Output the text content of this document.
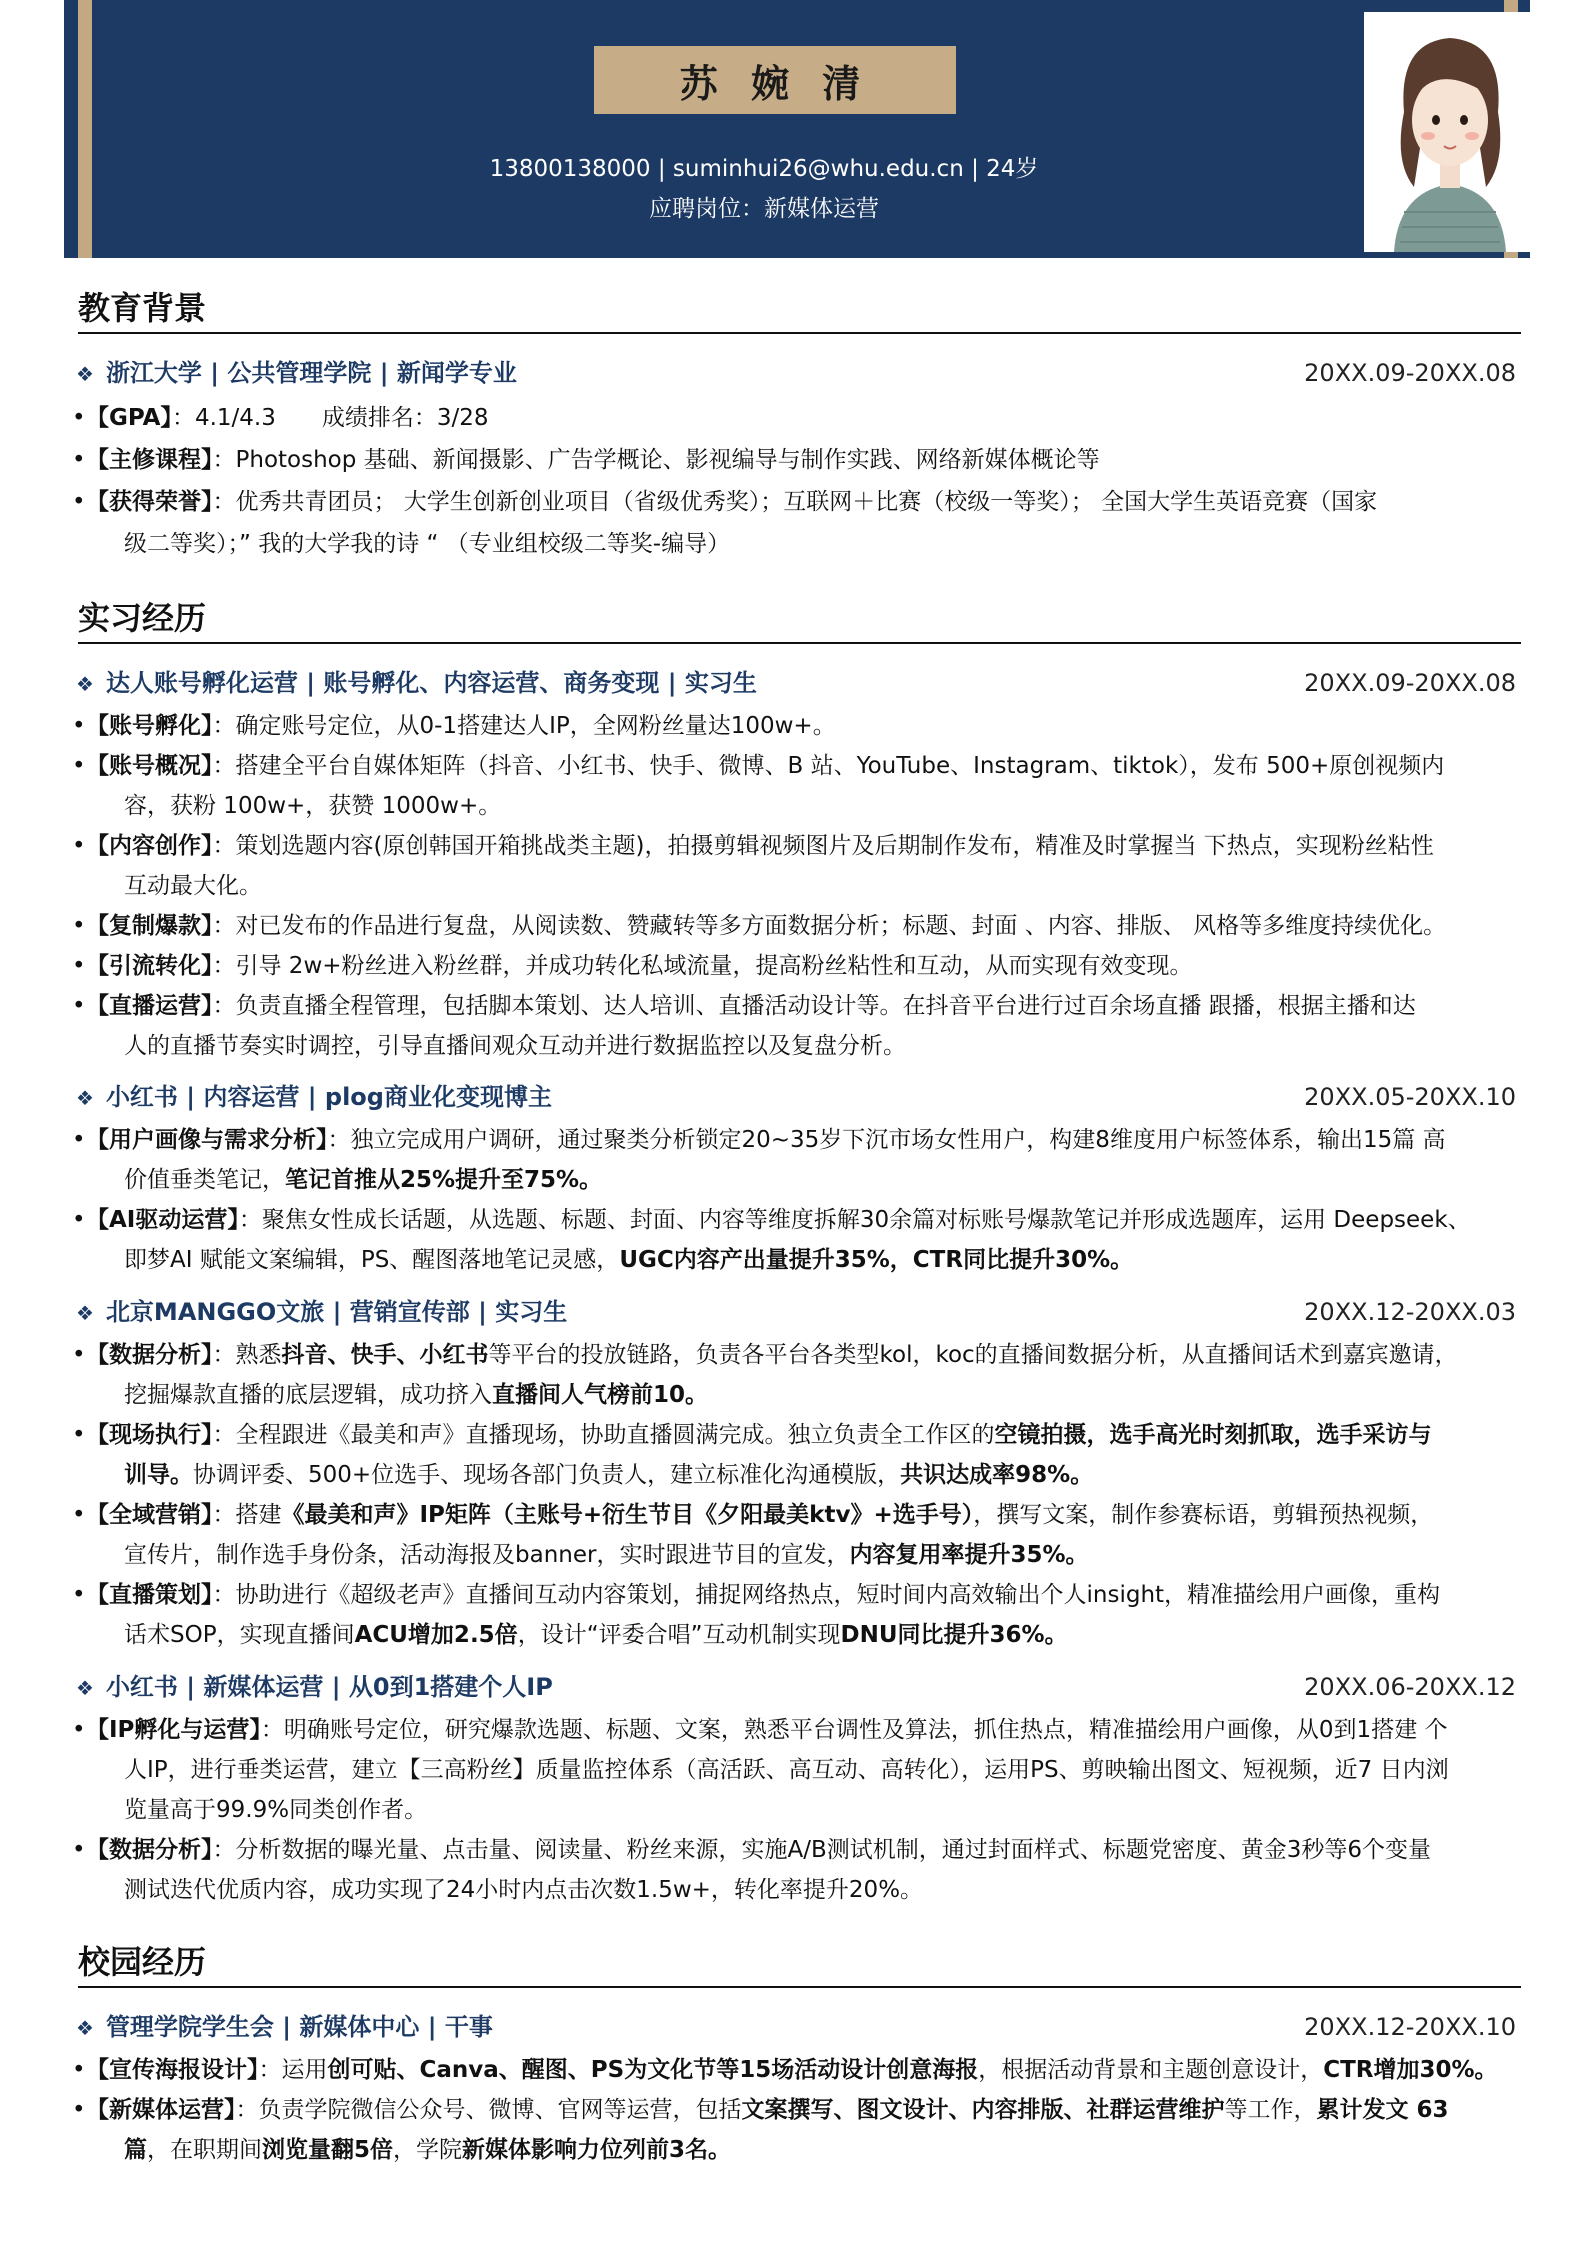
苏 婉 清
13800138000 | suminhui26@whu.edu.cn | 24岁
应聘岗位：新媒体运营
教育背景
❖ 浙江大学 | 公共管理学院 | 新闻学专业	20XX.09-20XX.08
• 【GPA】：4.1/4.3　　成绩排名：3/28
• 【主修课程】：Photoshop 基础、新闻摄影、广告学概论、影视编导与制作实践、网络新媒体概论等
• 【获得荣誉】：优秀共青团员； 大学生创新创业项目（省级优秀奖）；互联网＋比赛（校级一等奖）； 全国大学生英语竞赛（国家
级二等奖）；” 我的大学我的诗 “ （专业组校级二等奖-编导）
实习经历
❖ 达人账号孵化运营 | 账号孵化、内容运营、商务变现 | 实习生	20XX.09-20XX.08
• 【账号孵化】：确定账号定位，从0-1搭建达人IP，全网粉丝量达100w+。
• 【账号概况】：搭建全平台自媒体矩阵（抖音、小红书、快手、微博、B 站、YouTube、Instagram、tiktok），发布 500+原创视频内
容，获粉 100w+，获赞 1000w+。
• 【内容创作】：策划选题内容(原创韩国开箱挑战类主题)，拍摄剪辑视频图片及后期制作发布，精准及时掌握当 下热点，实现粉丝粘性
互动最大化。
• 【复制爆款】：对已发布的作品进行复盘，从阅读数、赞藏转等多方面数据分析；标题、封面 、内容、排版、 风格等多维度持续优化。
• 【引流转化】：引导 2w+粉丝进入粉丝群，并成功转化私域流量，提高粉丝粘性和互动，从而实现有效变现。
• 【直播运营】：负责直播全程管理，包括脚本策划、达人培训、直播活动设计等。在抖音平台进行过百余场直播 跟播，根据主播和达
人的直播节奏实时调控，引导直播间观众互动并进行数据监控以及复盘分析。
❖ 小红书 | 内容运营 | plog商业化变现博主	20XX.05-20XX.10
• 【用户画像与需求分析】：独立完成用户调研，通过聚类分析锁定20~35岁下沉市场女性用户，构建8维度用户标签体系，输出15篇 高
价值垂类笔记，笔记首推从25%提升至75%。
• 【AI驱动运营】：聚焦女性成长话题，从选题、标题、封面、内容等维度拆解30余篇对标账号爆款笔记并形成选题库，运用 Deepseek、
即梦AI 赋能文案编辑，PS、醒图落地笔记灵感，UGC内容产出量提升35%，CTR同比提升30%。
❖ 北京MANGGO文旅 | 营销宣传部 | 实习生	20XX.12-20XX.03
• 【数据分析】：熟悉抖音、快手、小红书等平台的投放链路，负责各平台各类型kol，koc的直播间数据分析，从直播间话术到嘉宾邀请，
挖掘爆款直播的底层逻辑，成功挤入直播间人气榜前10。
• 【现场执行】：全程跟进《最美和声》直播现场，协助直播圆满完成。独立负责全工作区的空镜拍摄，选手高光时刻抓取，选手采访与
训导。协调评委、500+位选手、现场各部门负责人，建立标准化沟通模版，共识达成率98%。
• 【全域营销】：搭建《最美和声》IP矩阵（主账号+衍生节目《夕阳最美ktv》+选手号），撰写文案，制作参赛标语，剪辑预热视频，
宣传片，制作选手身份条，活动海报及banner，实时跟进节目的宣发，内容复用率提升35%。
• 【直播策划】：协助进行《超级老声》直播间互动内容策划，捕捉网络热点，短时间内高效输出个人insight，精准描绘用户画像，重构
话术SOP，实现直播间ACU增加2.5倍，设计“评委合唱”互动机制实现DNU同比提升36%。
❖ 小红书 | 新媒体运营 | 从0到1搭建个人IP	20XX.06-20XX.12
• 【IP孵化与运营】：明确账号定位，研究爆款选题、标题、文案，熟悉平台调性及算法，抓住热点，精准描绘用户画像，从0到1搭建 个
人IP，进行垂类运营，建立【三高粉丝】质量监控体系（高活跃、高互动、高转化），运用PS、剪映输出图文、短视频，近7 日内浏
览量高于99.9%同类创作者。
• 【数据分析】：分析数据的曝光量、点击量、阅读量、粉丝来源，实施A/B测试机制，通过封面样式、标题党密度、黄金3秒等6个变量
测试迭代优质内容，成功实现了24小时内点击次数1.5w+，转化率提升20%。
校园经历
❖ 管理学院学生会 | 新媒体中心 | 干事	20XX.12-20XX.10
• 【宣传海报设计】：运用创可贴、Canva、醒图、PS为文化节等15场活动设计创意海报，根据活动背景和主题创意设计，CTR增加30%。
• 【新媒体运营】：负责学院微信公众号、微博、官网等运营，包括文案撰写、图文设计、内容排版、社群运营维护等工作，累计发文 63
篇，在职期间浏览量翻5倍，学院新媒体影响力位列前3名。
